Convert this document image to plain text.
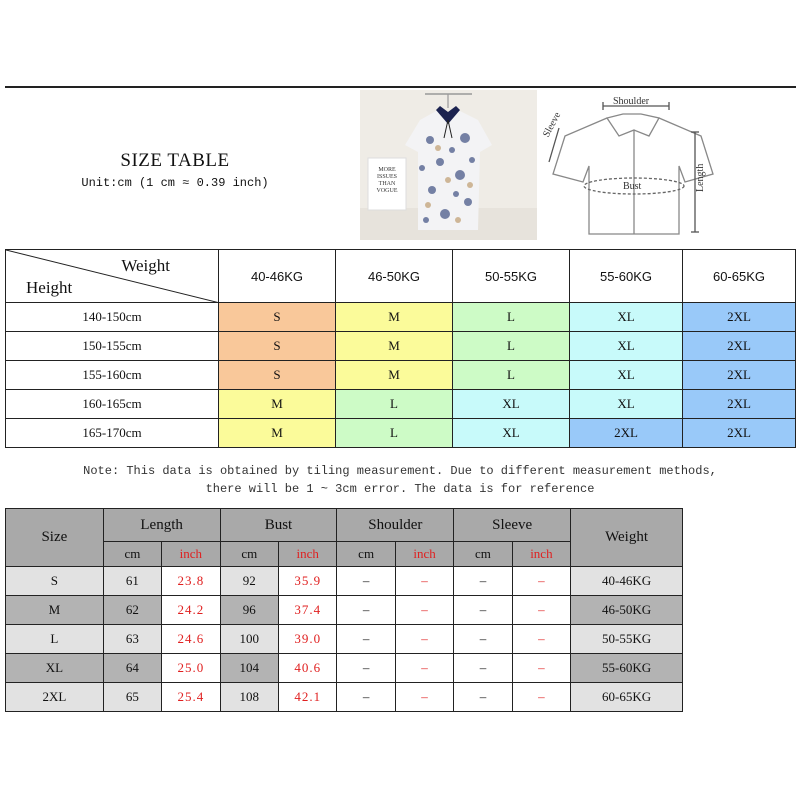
SIZE TABLE
Unit:cm (1 cm ≈ 0.39 inch)
MORE
ISSUES
THAN
VOGUE
Shoulder
Sleeve
Bust	Length
Weight
Height	40-46KG	46-50KG	50-55KG	55-60KG	60-65KG
140-150cm	S	M	L	XL	2XL
150-155cm	S	M	L	XL	2XL
155-160cm	S	M	L	XL	2XL
160-165cm	M	L	XL	XL	2XL
165-170cm	M	L	XL	2XL	2XL
Note: This data is obtained by tiling measurement. Due to different measurement methods,
there will be 1 ~ 3cm error. The data is for reference
Size	Length		Bust		Shoulder		Sleeve		Weight
	cm	inch	cm	inch	cm	inch	cm	inch	
S	61	23.8	92	35.9	–	–	–	–	40-46KG
M	62	24.2	96	37.4	–	–	–	–	46-50KG
L	63	24.6	100	39.0	–	–	–	–	50-55KG
XL	64	25.0	104	40.6	–	–	–	–	55-60KG
2XL	65	25.4	108	42.1	–	–	–	–	60-65KG
